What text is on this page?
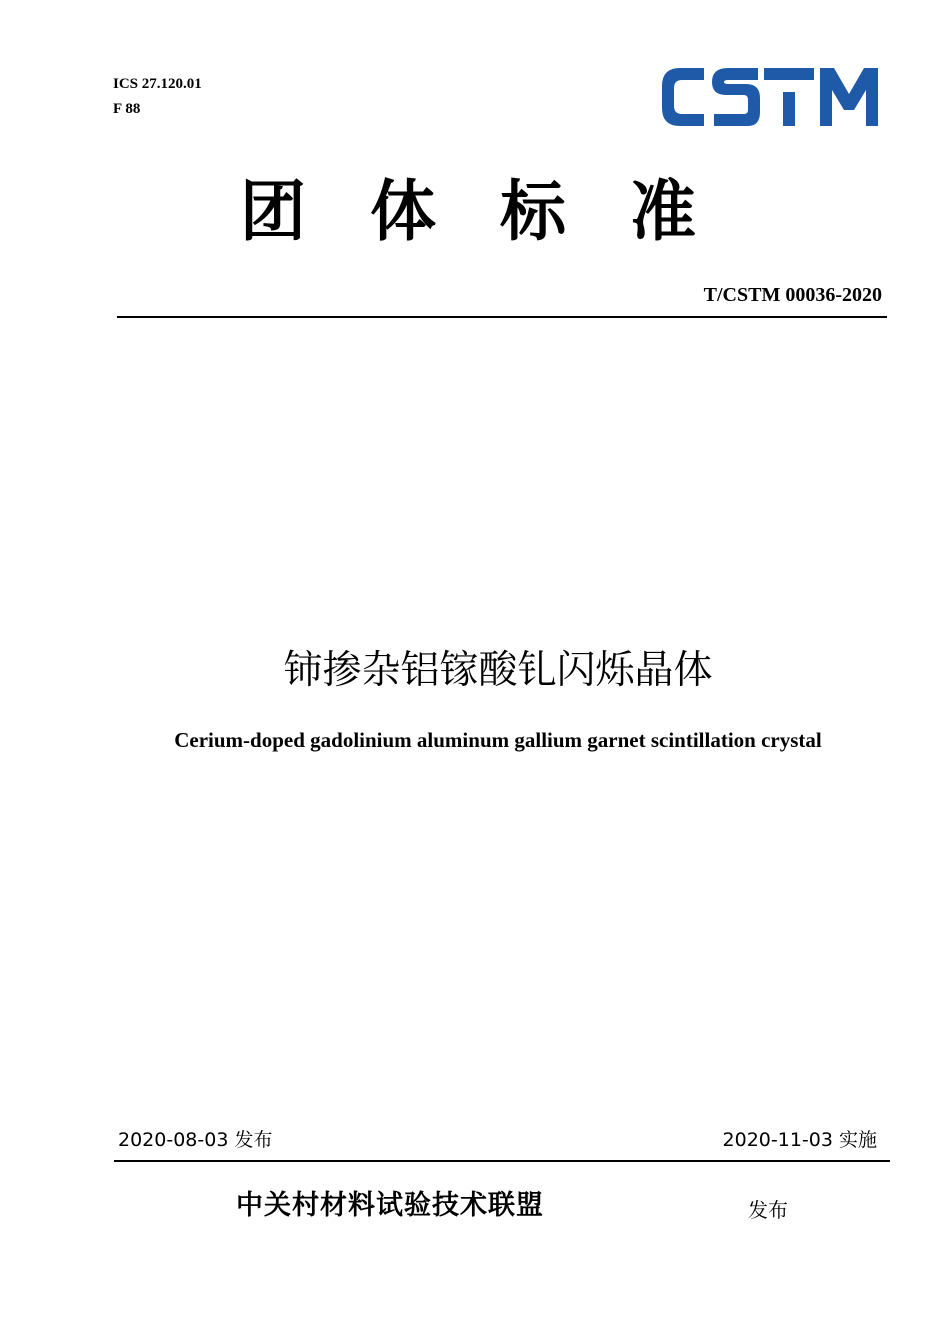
ICS 27.120.01
F 88
团体标准
T/CSTM 00036-2020
铈掺杂铝镓酸钆闪烁晶体
Cerium-doped gadolinium aluminum gallium garnet scintillation crystal
2020-08-03 发布	2020-11-03 实施
中关村材料试验技术联盟	发布
